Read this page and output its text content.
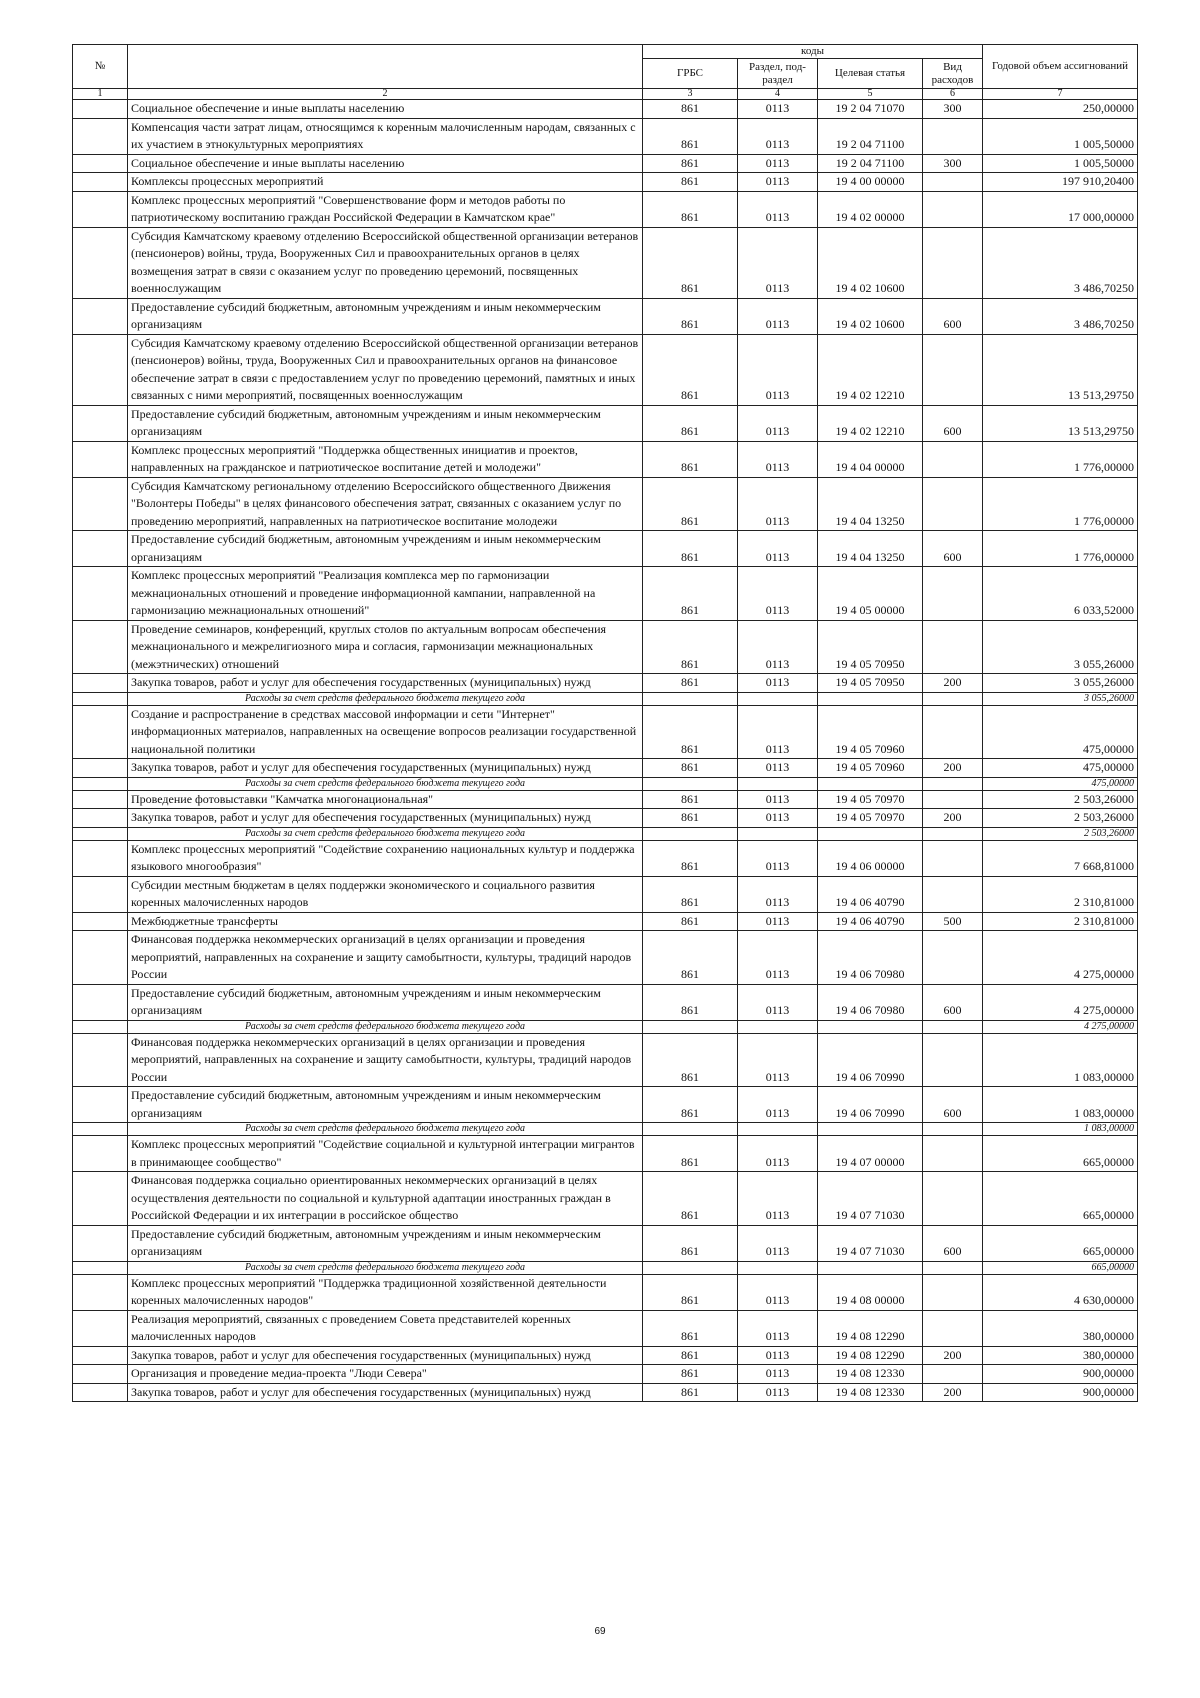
№		коды				Годовой объем ассигнований
		ГРБС	Раздел, под-раздел	Целевая статья	Вид расходов	
1	2	3	4	5	6	7
	Социальное обеспечение и иные выплаты населению	861	0113	19 2 04 71070	300	250,00000
	Компенсация части затрат лицам, относящимся к коренным малочисленным народам, связанных с их участием в этнокультурных мероприятиях	861	0113	19 2 04 71100		1 005,50000
	Социальное обеспечение и иные выплаты населению	861	0113	19 2 04 71100	300	1 005,50000
	Комплексы процессных мероприятий	861	0113	19 4 00 00000		197 910,20400
	Комплекс процессных мероприятий "Совершенствование форм и методов работы по патриотическому воспитанию граждан Российской Федерации в Камчатском крае"	861	0113	19 4 02 00000		17 000,00000
	Субсидия Камчатскому краевому отделению Всероссийской общественной организации ветеранов (пенсионеров) войны, труда, Вооруженных Сил и правоохранительных органов в целях возмещения затрат в связи с оказанием услуг по проведению церемоний, посвященных военнослужащим	861	0113	19 4 02 10600		3 486,70250
	Предоставление субсидий бюджетным, автономным учреждениям и иным некоммерческим организациям	861	0113	19 4 02 10600	600	3 486,70250
	Субсидия Камчатскому краевому отделению Всероссийской общественной организации ветеранов (пенсионеров) войны, труда, Вооруженных Сил и правоохранительных органов на финансовое обеспечение затрат в связи с предоставлением услуг по проведению церемоний, памятных и иных связанных с ними мероприятий, посвященных военнослужащим	861	0113	19 4 02 12210		13 513,29750
	Предоставление субсидий бюджетным, автономным учреждениям и иным некоммерческим организациям	861	0113	19 4 02 12210	600	13 513,29750
	Комплекс процессных мероприятий "Поддержка общественных инициатив и проектов, направленных на гражданское и патриотическое воспитание детей и молодежи"	861	0113	19 4 04 00000		1 776,00000
	Субсидия Камчатскому региональному отделению Всероссийского общественного Движения "Волонтеры Победы" в целях финансового обеспечения затрат, связанных с оказанием услуг по проведению мероприятий, направленных на патриотическое воспитание молодежи	861	0113	19 4 04 13250		1 776,00000
	Предоставление субсидий бюджетным, автономным учреждениям и иным некоммерческим организациям	861	0113	19 4 04 13250	600	1 776,00000
	Комплекс процессных мероприятий "Реализация комплекса мер по гармонизации межнациональных отношений и проведение информационной кампании, направленной на гармонизацию межнациональных отношений"	861	0113	19 4 05 00000		6 033,52000
	Проведение семинаров, конференций, круглых столов по актуальным вопросам обеспечения межнационального и межрелигиозного мира и согласия, гармонизации межнациональных (межэтнических) отношений	861	0113	19 4 05 70950		3 055,26000
	Закупка товаров, работ и услуг для обеспечения государственных (муниципальных) нужд	861	0113	19 4 05 70950	200	3 055,26000
	Расходы за счет средств федерального бюджета текущего года					3 055,26000
	Создание и распространение в средствах массовой информации и сети "Интернет" информационных материалов, направленных на освещение вопросов реализации государственной национальной политики	861	0113	19 4 05 70960		475,00000
	Закупка товаров, работ и услуг для обеспечения государственных (муниципальных) нужд	861	0113	19 4 05 70960	200	475,00000
	Расходы за счет средств федерального бюджета текущего года					475,00000
	Проведение фотовыставки "Камчатка многонациональная"	861	0113	19 4 05 70970		2 503,26000
	Закупка товаров, работ и услуг для обеспечения государственных (муниципальных) нужд	861	0113	19 4 05 70970	200	2 503,26000
	Расходы за счет средств федерального бюджета текущего года					2 503,26000
	Комплекс процессных мероприятий "Содействие сохранению национальных культур и поддержка языкового многообразия"	861	0113	19 4 06 00000		7 668,81000
	Субсидии местным бюджетам в целях поддержки экономического и социального развития коренных малочисленных народов	861	0113	19 4 06 40790		2 310,81000
	Межбюджетные трансферты	861	0113	19 4 06 40790	500	2 310,81000
	Финансовая поддержка некоммерческих организаций в целях организации и проведения мероприятий, направленных на сохранение и защиту самобытности, культуры, традиций народов России	861	0113	19 4 06 70980		4 275,00000
	Предоставление субсидий бюджетным, автономным учреждениям и иным некоммерческим организациям	861	0113	19 4 06 70980	600	4 275,00000
	Расходы за счет средств федерального бюджета текущего года					4 275,00000
	Финансовая поддержка некоммерческих организаций в целях организации и проведения мероприятий, направленных на сохранение и защиту самобытности, культуры, традиций народов России	861	0113	19 4 06 70990		1 083,00000
	Предоставление субсидий бюджетным, автономным учреждениям и иным некоммерческим организациям	861	0113	19 4 06 70990	600	1 083,00000
	Расходы за счет средств федерального бюджета текущего года					1 083,00000
	Комплекс процессных мероприятий "Содействие социальной и культурной интеграции мигрантов в принимающее сообщество"	861	0113	19 4 07 00000		665,00000
	Финансовая поддержка социально ориентированных некоммерческих организаций в целях осуществления деятельности по социальной и культурной адаптации иностранных граждан в Российской Федерации и их интеграции в российское общество	861	0113	19 4 07 71030		665,00000
	Предоставление субсидий бюджетным, автономным учреждениям и иным некоммерческим организациям	861	0113	19 4 07 71030	600	665,00000
	Расходы за счет средств федерального бюджета текущего года					665,00000
	Комплекс процессных мероприятий "Поддержка традиционной хозяйственной деятельности коренных малочисленных народов"	861	0113	19 4 08 00000		4 630,00000
	Реализация мероприятий, связанных с проведением Совета представителей коренных малочисленных народов	861	0113	19 4 08 12290		380,00000
	Закупка товаров, работ и услуг для обеспечения государственных (муниципальных) нужд	861	0113	19 4 08 12290	200	380,00000
	Организация и проведение медиа-проекта "Люди Севера"	861	0113	19 4 08 12330		900,00000
	Закупка товаров, работ и услуг для обеспечения государственных (муниципальных) нужд	861	0113	19 4 08 12330	200	900,00000
69
